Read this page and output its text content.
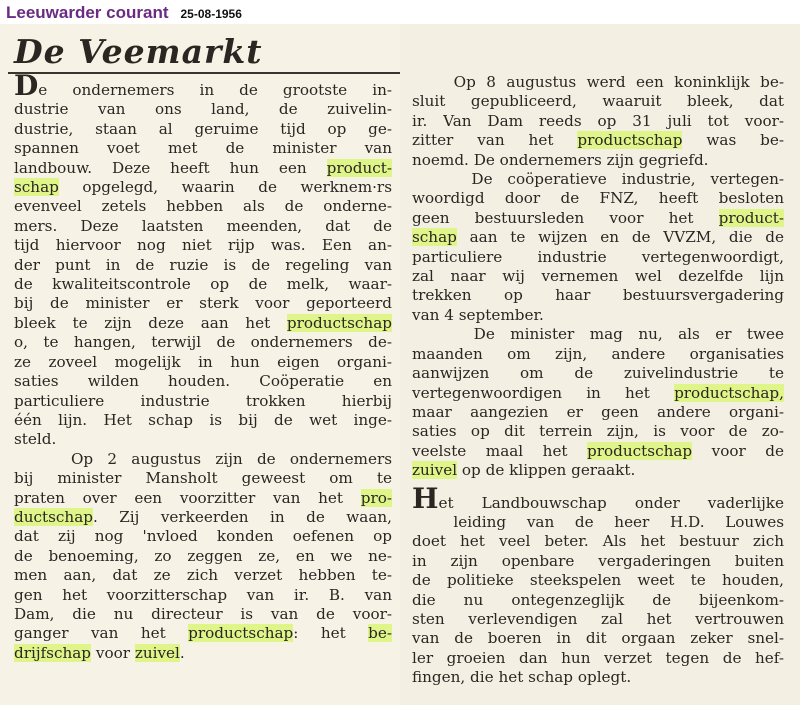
Leeuwarder courant 25-08-1956
De Veemarkt
De ondernemers in de grootste in-
dustrie van ons land, de zuivelin-
dustrie, staan al geruime tijd op ge-
spannen voet met de minister van
landbouw. Deze heeft hun een product-
schap opgelegd, waarin de werknem·rs
evenveel zetels hebben als de onderne-
mers. Deze laatsten meenden, dat de
tijd hiervoor nog niet rijp was. Een an-
der punt in de ruzie is de regeling van
de kwaliteitscontrole op de melk, waar-
bij de minister er sterk voor geporteerd
bleek te zijn deze aan het productschap
o, te hangen, terwijl de ondernemers de-
ze zoveel mogelijk in hun eigen organi-
saties wilden houden. Coöperatie en
particuliere industrie trokken hierbij
één lijn. Het schap is bij de wet inge-
steld.
Op 2 augustus zijn de ondernemers
bij minister Mansholt geweest om te
praten over een voorzitter van het pro-
ductschap. Zij verkeerden in de waan,
dat zij nog 'nvloed konden oefenen op
de benoeming, zo zeggen ze, en we ne-
men aan, dat ze zich verzet hebben te-
gen het voorzitterschap van ir. B. van
Dam, die nu directeur is van de voor-
ganger van het productschap: het be-
drijfschap voor zuivel.
Op 8 augustus werd een koninklijk be-
sluit gepubliceerd, waaruit bleek, dat
ir. Van Dam reeds op 31 juli tot voor-
zitter van het productschap was be-
noemd. De ondernemers zijn gegriefd.
De coöperatieve industrie, vertegen-
woordigd door de FNZ, heeft besloten
geen bestuursleden voor het product-
schap aan te wijzen en de VVZM, die de
particuliere industrie vertegenwoordigt,
zal naar wij vernemen wel dezelfde lijn
trekken op haar bestuursvergadering
van 4 september.
De minister mag nu, als er twee
maanden om zijn, andere organisaties
aanwijzen om de zuivelindustrie te
vertegenwoordigen in het productschap,
maar aangezien er geen andere organi-
saties op dit terrein zijn, is voor de zo-
veelste maal het productschap voor de
zuivel op de klippen geraakt.
Het Landbouwschap onder vaderlijke
leiding van de heer H.D. Louwes
doet het veel beter. Als het bestuur zich
in zijn openbare vergaderingen buiten
de politieke steekspelen weet te houden,
die nu ontegenzeglijk de bijeenkom-
sten verlevendigen zal het vertrouwen
van de boeren in dit orgaan zeker snel-
ler groeien dan hun verzet tegen de hef-
fingen, die het schap oplegt.
